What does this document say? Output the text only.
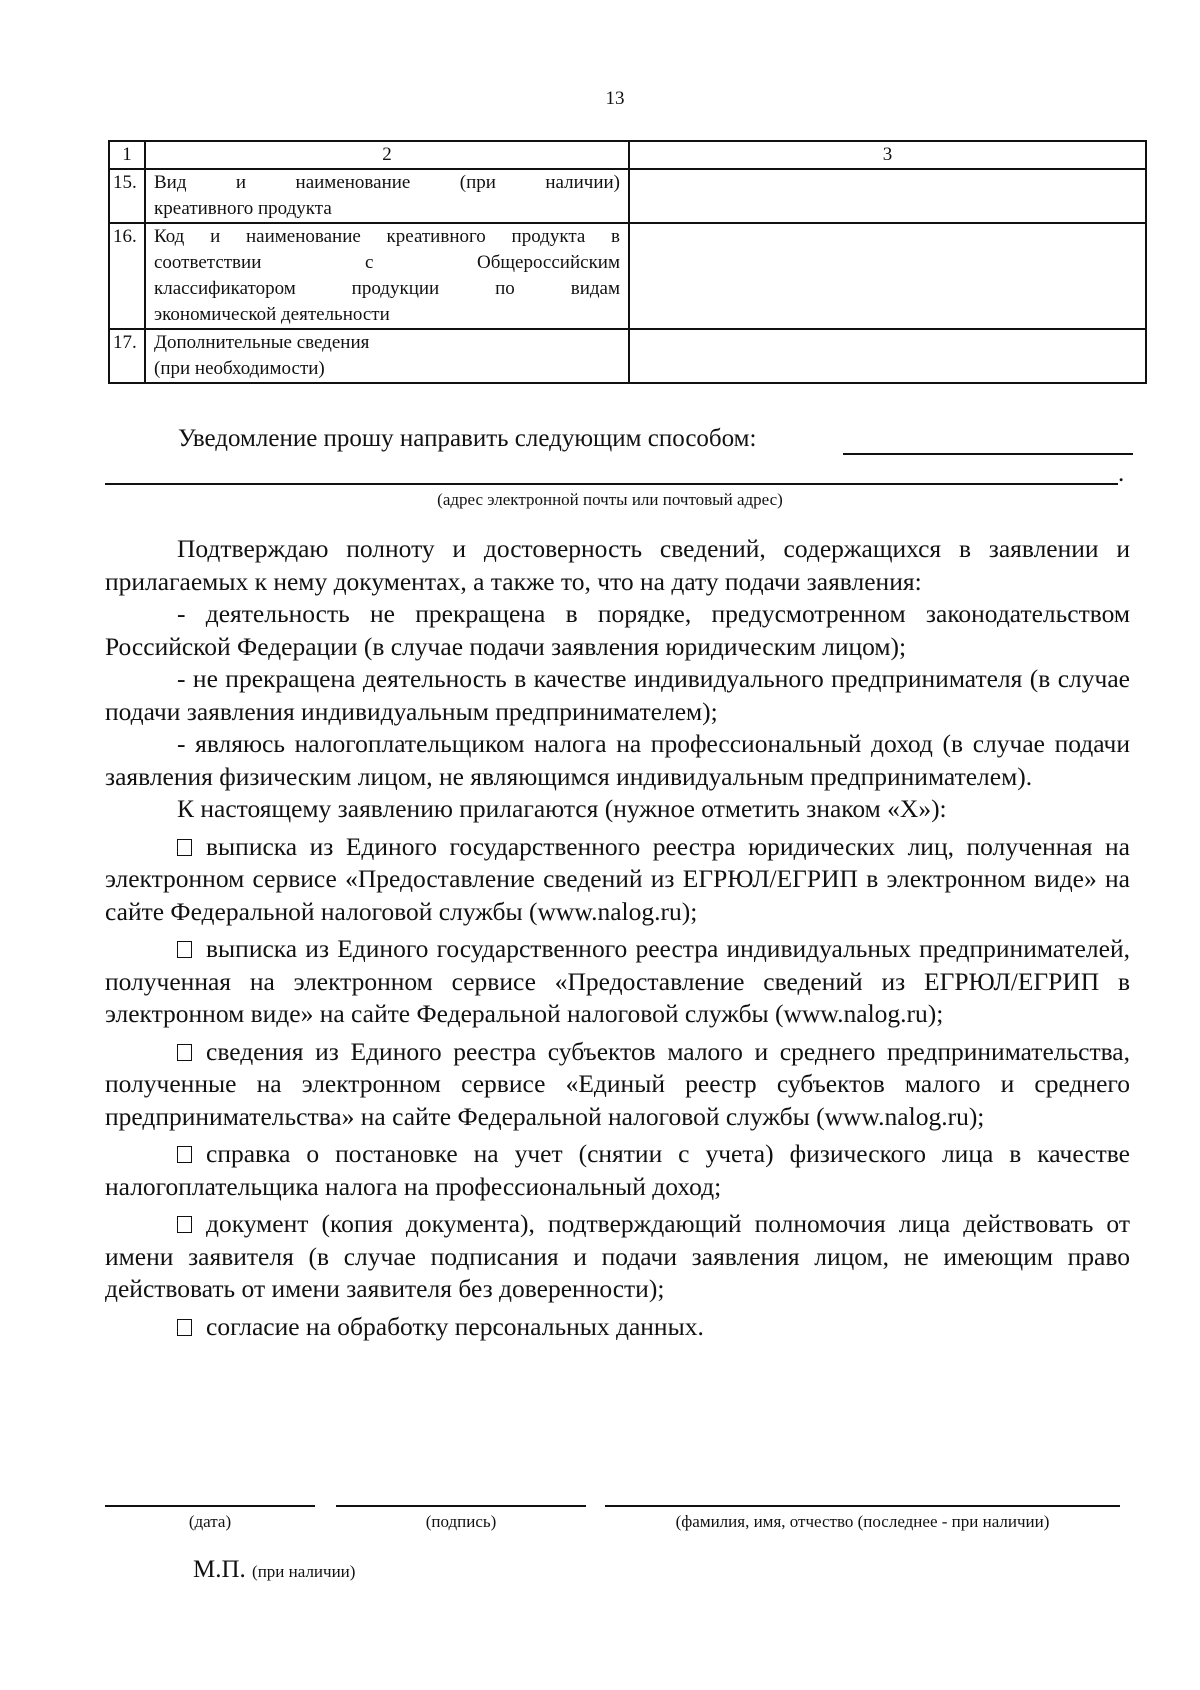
13
1	2	3
15.	Вид и наименование (при наличии)
креативного продукта	
16.	Код и наименование креативного продукта в
соответствии с Общероссийским
классификатором продукции по видам
экономической деятельности	
17.	Дополнительные сведения
(при необходимости)	
Уведомление прошу направить следующим способом:
.
(адрес электронной почты или почтовый адрес)

Подтверждаю полноту и достоверность сведений, содержащихся в заявлении и прилагаемых к нему документах, а также то, что на дату подачи заявления:

- деятельность не прекращена в порядке, предусмотренном законодательством Российской Федерации (в случае подачи заявления юридическим лицом);

- не прекращена деятельность в качестве индивидуального предпринимателя (в случае подачи заявления индивидуальным предпринимателем);

- являюсь налогоплательщиком налога на профессиональный доход (в случае подачи заявления физическим лицом, не являющимся индивидуальным предпринимателем).

К настоящему заявлению прилагаются (нужное отметить знаком «Х»):

выписка из Единого государственного реестра юридических лиц, полученная на электронном сервисе «Предоставление сведений из ЕГРЮЛ/ЕГРИП в электронном виде» на сайте Федеральной налоговой службы (www.nalog.ru);

выписка из Единого государственного реестра индивидуальных предпринимателей, полученная на электронном сервисе «Предоставление сведений из ЕГРЮЛ/ЕГРИП в электронном виде» на сайте Федеральной налоговой службы (www.nalog.ru);

сведения из Единого реестра субъектов малого и среднего предпринимательства, полученные на электронном сервисе «Единый реестр субъектов малого и среднего предпринимательства» на сайте Федеральной налоговой службы (www.nalog.ru);

справка о постановке на учет (снятии с учета) физического лица в качестве налогоплательщика налога на профессиональный доход;

документ (копия документа), подтверждающий полномочия лица действовать от имени заявителя (в случае подписания и подачи заявления лицом, не имеющим право действовать от имени заявителя без доверенности);

согласие на обработку персональных данных.

(дата)	(подпись)	(фамилия, имя, отчество (последнее - при наличии)
М.П. (при наличии)
